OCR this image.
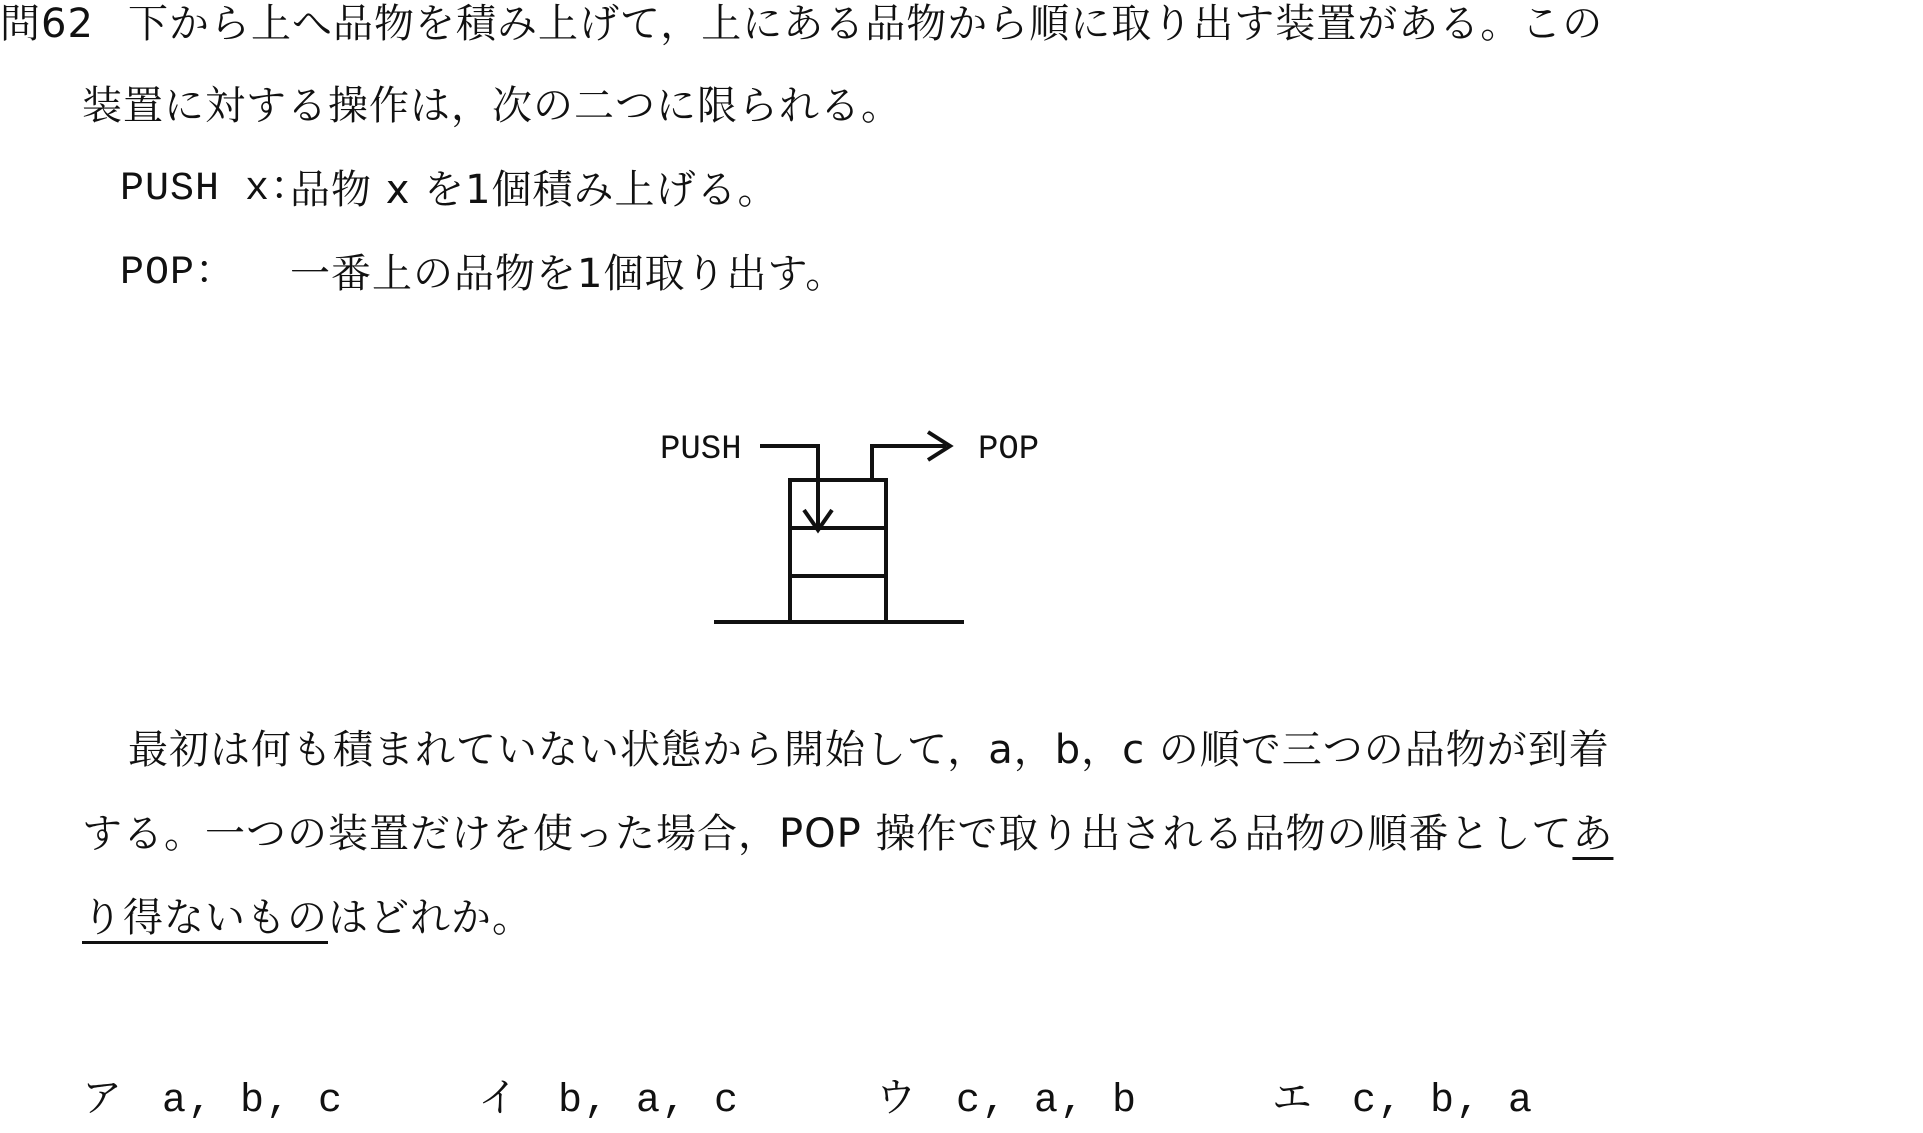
問62 下から上へ品物を積み上げて，上にある品物から順に取り出す装置がある。この
装置に対する操作は，次の二つに限られる。
PUSH x：
品物 x を1個積み上げる。
POP： 一番上の品物を1個取り出す。
PUSH	POP
最初は何も積まれていない状態から開始して，a，b，c の順で三つの品物が到着
する。一つの装置だけを使った場合，POP 操作で取り出される品物の順番としてあ
り得ないものはどれか。
ア a, b, c	イ b, a, c	ウ c, a, b	エ c, b, a
